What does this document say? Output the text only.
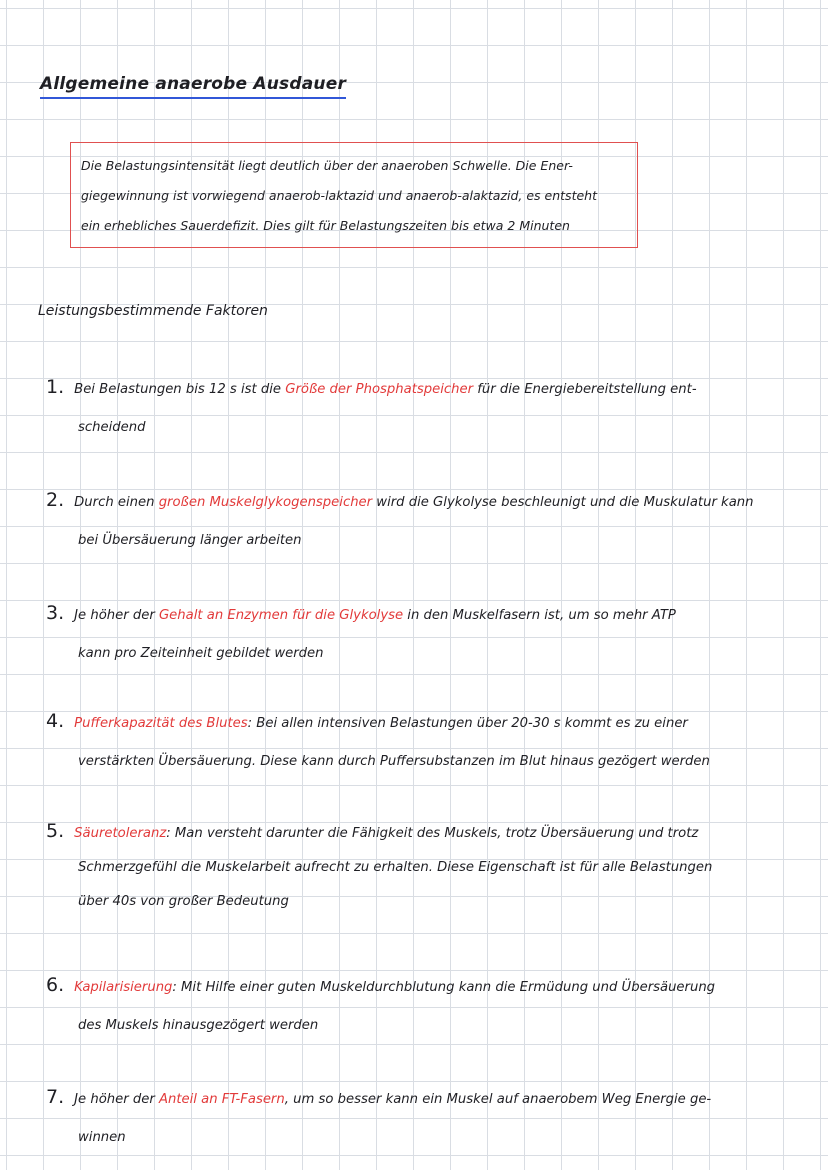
Allgemeine anaerobe Ausdauer
Die Belastungsintensität liegt deutlich über der anaeroben Schwelle. Die Ener-
giegewinnung ist vorwiegend anaerob-laktazid und anaerob-alaktazid, es entsteht
ein erhebliches Sauerdefizit. Dies gilt für Belastungszeiten bis etwa 2 Minuten
Leistungsbestimmende Faktoren
1. Bei Belastungen bis 12 s ist die Größe der Phosphatspeicher für die Energiebereitstellung ent-
scheidend
2. Durch einen großen Muskelglykogenspeicher wird die Glykolyse beschleunigt und die Muskulatur kann
bei Übersäuerung länger arbeiten
3. Je höher der Gehalt an Enzymen für die Glykolyse in den Muskelfasern ist, um so mehr ATP
kann pro Zeiteinheit gebildet werden
4. Pufferkapazität des Blutes: Bei allen intensiven Belastungen über 20-30 s kommt es zu einer
verstärkten Übersäuerung. Diese kann durch Puffersubstanzen im Blut hinaus gezögert werden
5. Säuretoleranz: Man versteht darunter die Fähigkeit des Muskels, trotz Übersäuerung und trotz
Schmerzgefühl die Muskelarbeit aufrecht zu erhalten. Diese Eigenschaft ist für alle Belastungen
über 40s von großer Bedeutung
6. Kapilarisierung: Mit Hilfe einer guten Muskeldurchblutung kann die Ermüdung und Übersäuerung
des Muskels hinausgezögert werden
7. Je höher der Anteil an FT-Fasern, um so besser kann ein Muskel auf anaerobem Weg Energie ge-
winnen
